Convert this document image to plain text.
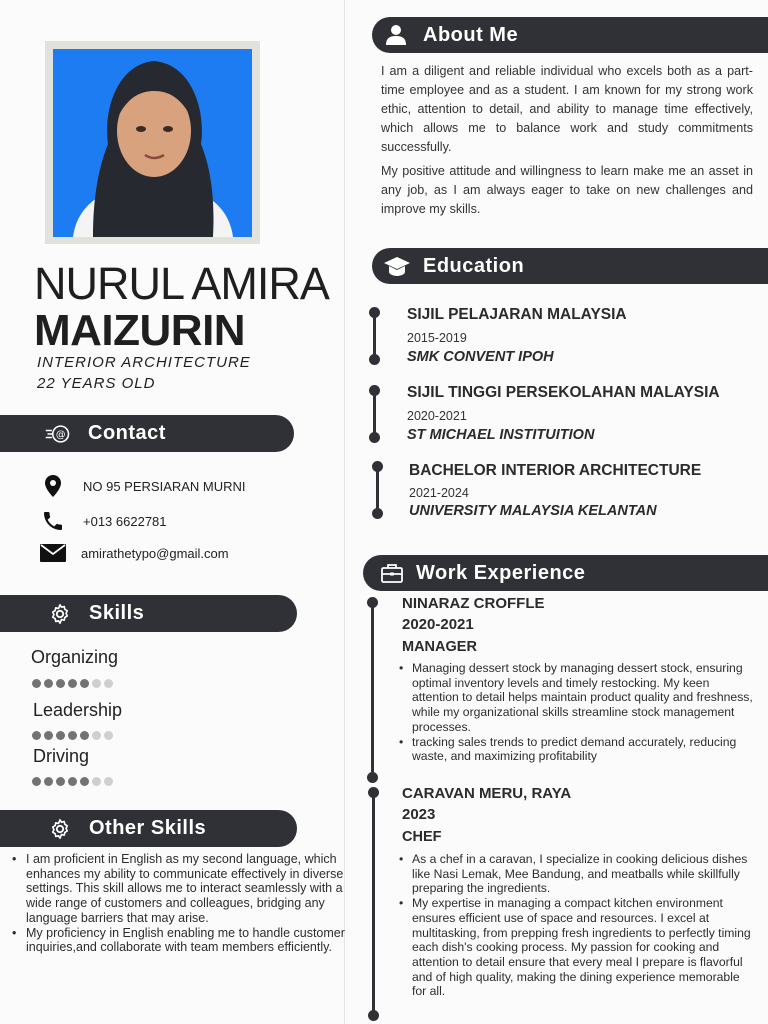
NURUL AMIRA
MAIZURIN
INTERIOR ARCHITECTURE
22 YEARS OLD
@ Contact
NO 95 PERSIARAN MURNI
+013 6622781
amirathetypo@gmail.com
Skills
Organizing
Leadership
Driving
Other Skills
• I am proficient in English as my second language, which enhances my ability to communicate effectively in diverse settings. This skill allows me to interact seamlessly with a wide range of customers and colleagues, bridging any language barriers that may arise.
• My proficiency in English enabling me to handle customer inquiries,and collaborate with team members efficiently.
About Me

I am a diligent and reliable individual who excels both as a part-time employee and as a student. I am known for my strong work ethic, attention to detail, and ability to manage time effectively, which allows me to balance work and study commitments successfully.

My positive attitude and willingness to learn make me an asset in any job, as I am always eager to take on new challenges and improve my skills.

Education
SIJIL PELAJARAN MALAYSIA
2015-2019
SMK CONVENT IPOH
SIJIL TINGGI PERSEKOLAHAN MALAYSIA
2020-2021
ST MICHAEL INSTITUITION
BACHELOR INTERIOR ARCHITECTURE
2021-2024
UNIVERSITY MALAYSIA KELANTAN
Work Experience
NINARAZ CROFFLE
2020-2021
MANAGER
• Managing dessert stock by managing dessert stock, ensuring optimal inventory levels and timely restocking. My keen attention to detail helps maintain product quality and freshness, while my organizational skills streamline stock management processes.
• tracking sales trends to predict demand accurately, reducing waste, and maximizing profitability
CARAVAN MERU, RAYA
2023
CHEF
• As a chef in a caravan, I specialize in cooking delicious dishes like Nasi Lemak, Mee Bandung, and meatballs while skillfully preparing the ingredients.
• My expertise in managing a compact kitchen environment ensures efficient use of space and resources. I excel at multitasking, from prepping fresh ingredients to perfectly timing each dish's cooking process. My passion for cooking and attention to detail ensure that every meal I prepare is flavorful and of high quality, making the dining experience memorable for all.
